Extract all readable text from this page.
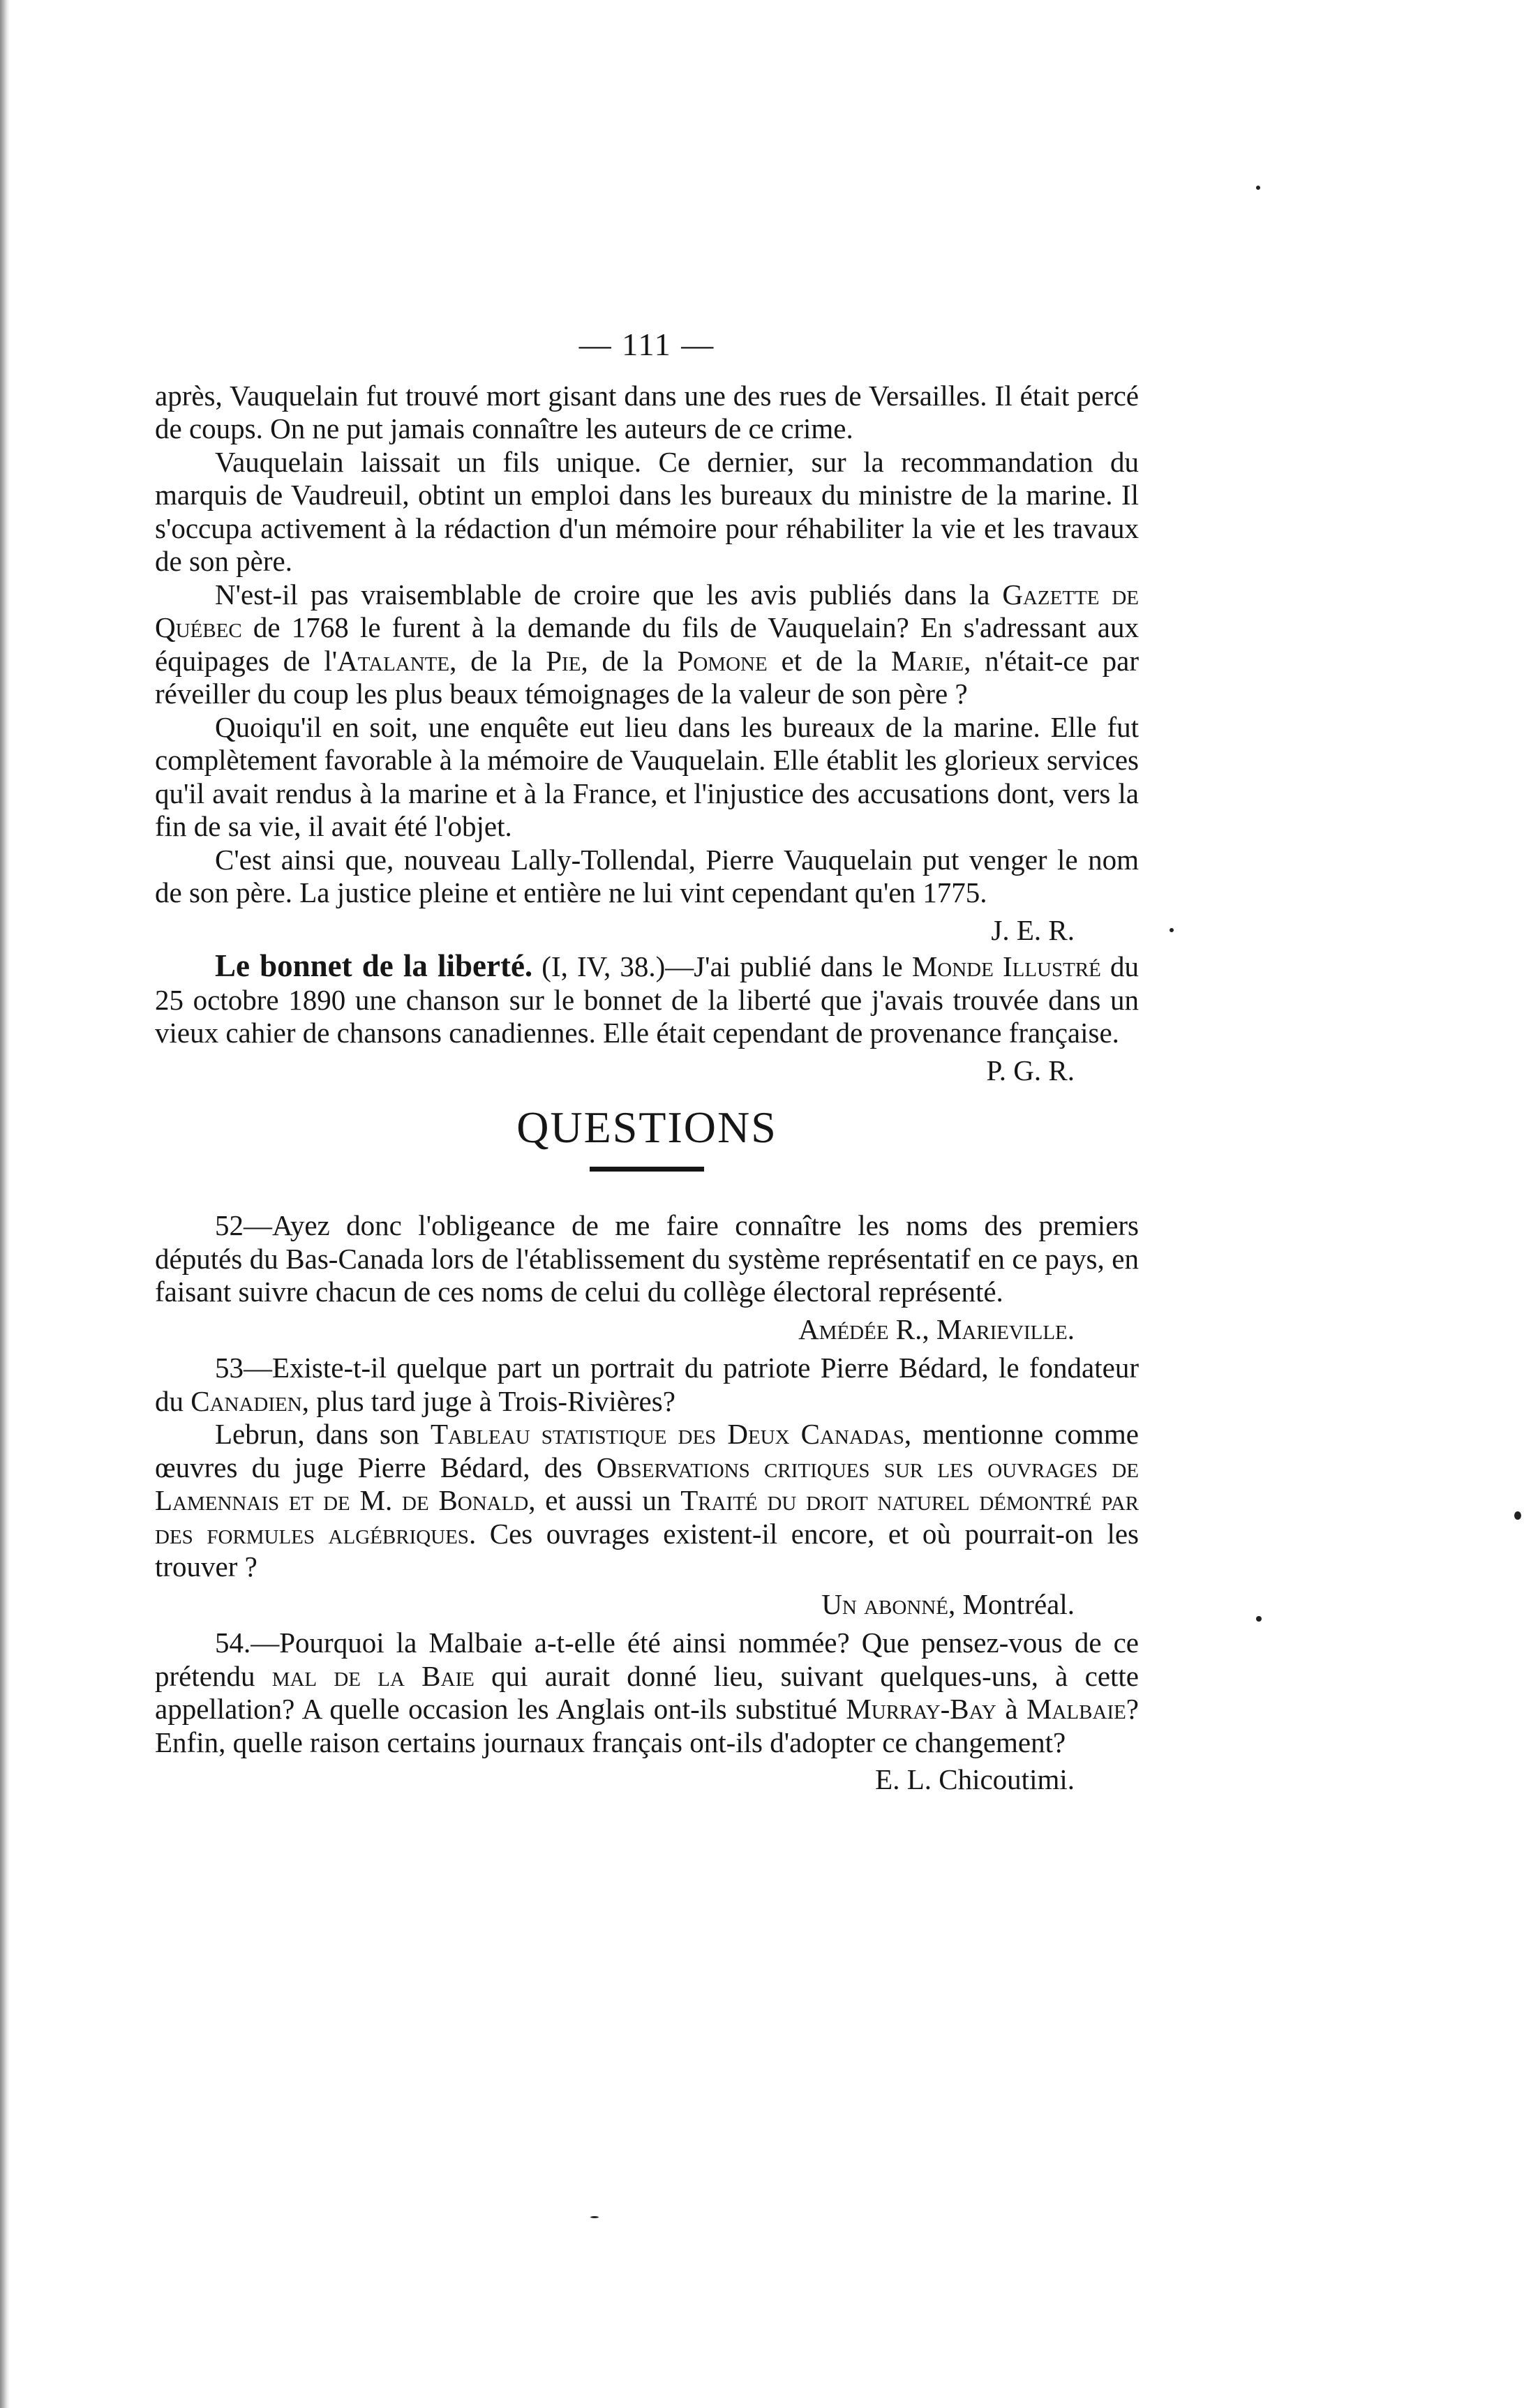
— 111 —

après, Vauquelain fut trouvé mort gisant dans une des rues de Versailles. Il était percé de coups. On ne put jamais connaître les auteurs de ce crime.

Vauquelain laissait un fils unique. Ce dernier, sur la recommandation du marquis de Vaudreuil, obtint un emploi dans les bureaux du ministre de la marine. Il s'occupa activement à la rédaction d'un mémoire pour réhabiliter la vie et les travaux de son père.

N'est-il pas vraisemblable de croire que les avis publiés dans la Gazette de Québec de 1768 le furent à la demande du fils de Vauquelain? En s'adressant aux équipages de l'Atalante, de la Pie, de la Pomone et de la Marie, n'était-ce par réveiller du coup les plus beaux témoignages de la valeur de son père ?

Quoiqu'il en soit, une enquête eut lieu dans les bureaux de la marine. Elle fut complètement favorable à la mémoire de Vauquelain. Elle établit les glorieux services qu'il avait rendus à la marine et à la France, et l'injustice des accusations dont, vers la fin de sa vie, il avait été l'objet.

C'est ainsi que, nouveau Lally-Tollendal, Pierre Vauquelain put venger le nom de son père. La justice pleine et entière ne lui vint cependant qu'en 1775.

J. E. R.

Le bonnet de la liberté. (I, IV, 38.)—J'ai publié dans le Monde Illustré du 25 octobre 1890 une chanson sur le bonnet de la liberté que j'avais trouvée dans un vieux cahier de chansons canadiennes. Elle était cependant de provenance française.

P. G. R.

QUESTIONS

52—Ayez donc l'obligeance de me faire connaître les noms des premiers députés du Bas-Canada lors de l'établissement du système représentatif en ce pays, en faisant suivre chacun de ces noms de celui du collège électoral représenté.

Amédée R., Marieville.

53—Existe-t-il quelque part un portrait du patriote Pierre Bédard, le fondateur du Canadien, plus tard juge à Trois-Rivières?

Lebrun, dans son Tableau statistique des Deux Canadas, mentionne comme œuvres du juge Pierre Bédard, des Observations critiques sur les ouvrages de Lamennais et de M. de Bonald, et aussi un Traité du droit naturel démontré par des formules algébriques. Ces ouvrages existent-il encore, et où pourrait-on les trouver ?

Un abonné, Montréal.

54.—Pourquoi la Malbaie a-t-elle été ainsi nommée? Que pensez-vous de ce prétendu mal de la Baie qui aurait donné lieu, suivant quelques-uns, à cette appellation? A quelle occasion les Anglais ont-ils substitué Murray-Bay à Malbaie? Enfin, quelle raison certains journaux français ont-ils d'adopter ce changement?

E. L. Chicoutimi.
